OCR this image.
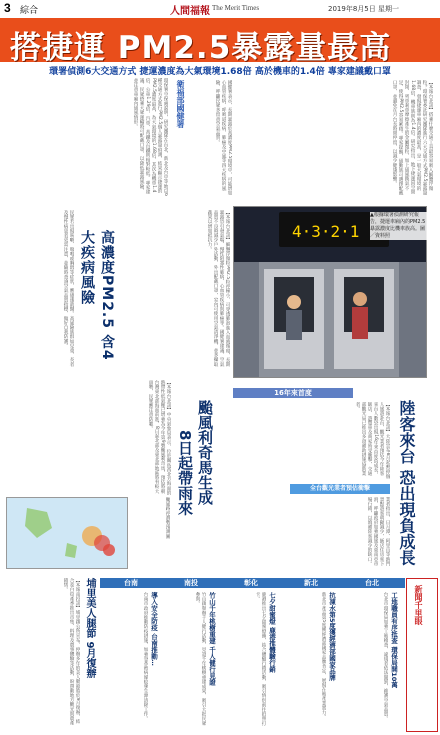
3 綜合	人間福報 The Merit Times	2019年8月5日 星期一
搭捷運 PM2.5暴露量最高
環署偵測6大交通方式 捷運濃度為大氣環境1.68倍 高於機車的1.4倍 專家建議戴口罩
環保署空保處說明，研究團隊在台北、新北及台中等地以6種交通方式進行PM2.5個人暴露量偵測，結果顯示捷運的PM2.5濃度最高，為大氣環境的1.68倍，其次為機車1.4倍、公車1.29倍，汽車、高鐵及台鐵則相對較低。專家建議，民眾搭乘大眾運輸時可配戴口罩，以降低暴露風險，並注意車廂內通風情形。	衛福部國健署	國健署表示，長期暴露於高濃度PM2.5環境中，可能增加心血管疾病、呼吸道疾病、肺癌及中風等四大疾病的風險，呼籲民眾多留意空氣品質。	【本報台北訊】搭乘什麼交通工具最容易吸入細懸浮微粒？環保署委託研究團隊進行六大交通方式PM2.5暴露量調查，發現捷運車廂內的濃度最高，是一般大氣環境的1.68倍，機車族則為1.4倍。研究指出，地下捷運因空間封閉、列車剎車摩擦產生的金屬微粒，加上通風換氣不足，使得PM2.5容易累積。專家提醒，通勤族可選擇配戴口罩，並避免在月台長時間停留，以減少健康影響。
高濃度PM2.5 含4大疾病風險	【本報台北訊】細懸浮微粒PM2.5粒徑極小，可穿透肺泡進入血液循環，長期暴露恐引發氣喘、慢性阻塞性肺病、心血管疾病與肺癌等。國健署建議，空氣品質不良時減少戶外活動，外出配戴口罩，室內可使用空氣清淨機，並多攝取蔬果以增加抵抗力。
民眾若出現咳嗽、喘鳴或胸悶等症狀，應儘速就醫。高風險族群如兒童、長者及慢性病患者更需注意，並隨時查詢空氣品質指標，做好自我防護。	4·3·2·1
▲根據環署偵測研究報告，捷運車廂內的PM2.5暴露濃度比機車族高。圖／資料照
颱風利奇馬生成
8日起帶雨來
【本報台北訊】中央氣象局表示，位於關島西北方海面的熱帶性低氣壓已增強為今年第9號颱風利奇馬，預估將朝台灣東北部海面前進，8日起北部及東北部地區將有較大雨勢，民眾應注意防範。
颱風路徑潛勢預測圖
16年來首度
陸客來台 恐出現負成長
【本報台北訊】大陸宣布8月起暫停個人旅遊赴台，觀光業者預估今年陸客來台人數恐出現16年來首度負成長，飯店、遊覽車及商家皆受衝擊，交通部觀光局已推出多項補助措施協助業者。
全台觀光業者預估衝擊
業者指出，日月潭、阿里山等熱門景點遊客明顯減少，飯店住房率下滑，呼籲政府加強國旅及東南亞市場行銷，以填補陸客減少的缺口。
埔里美人腿節 9月復辦
【本報南投訊】埔里鎮公所宣布，停辦多年的美人腿節將於9月復辦，結合茭白筍產季推出市集、料理及農事體驗等活動，盼帶動地方觀光與農產銷售。	台南	南投	彰化	新北	台北
新聞千里眼
導入安全防疫 台南推動…
台南市政府推動防疫措施，加強登革熱病媒蚊孳生源清除工作。	竹山千年桃樹重建 千人健行見證
竹山鎮舉辦千人健行活動，見證千年桃樹重建成果，吸引大批民眾參與。	七夕甜蜜燈 鹿港推體驗行銷
鹿港推出七夕甜蜜燈飾，結合體驗行銷活動，吸引情侶前往拍照打卡。	抗凍水第5度獲經濟部國家品牌
新北市產品第5度獲經濟部國家品牌肯定，展現在地產業實力。	工地職員有序抵查 環保局開10萬
台北市環保局加強工地稽查，違規者依法開罰，維護空氣品質。
